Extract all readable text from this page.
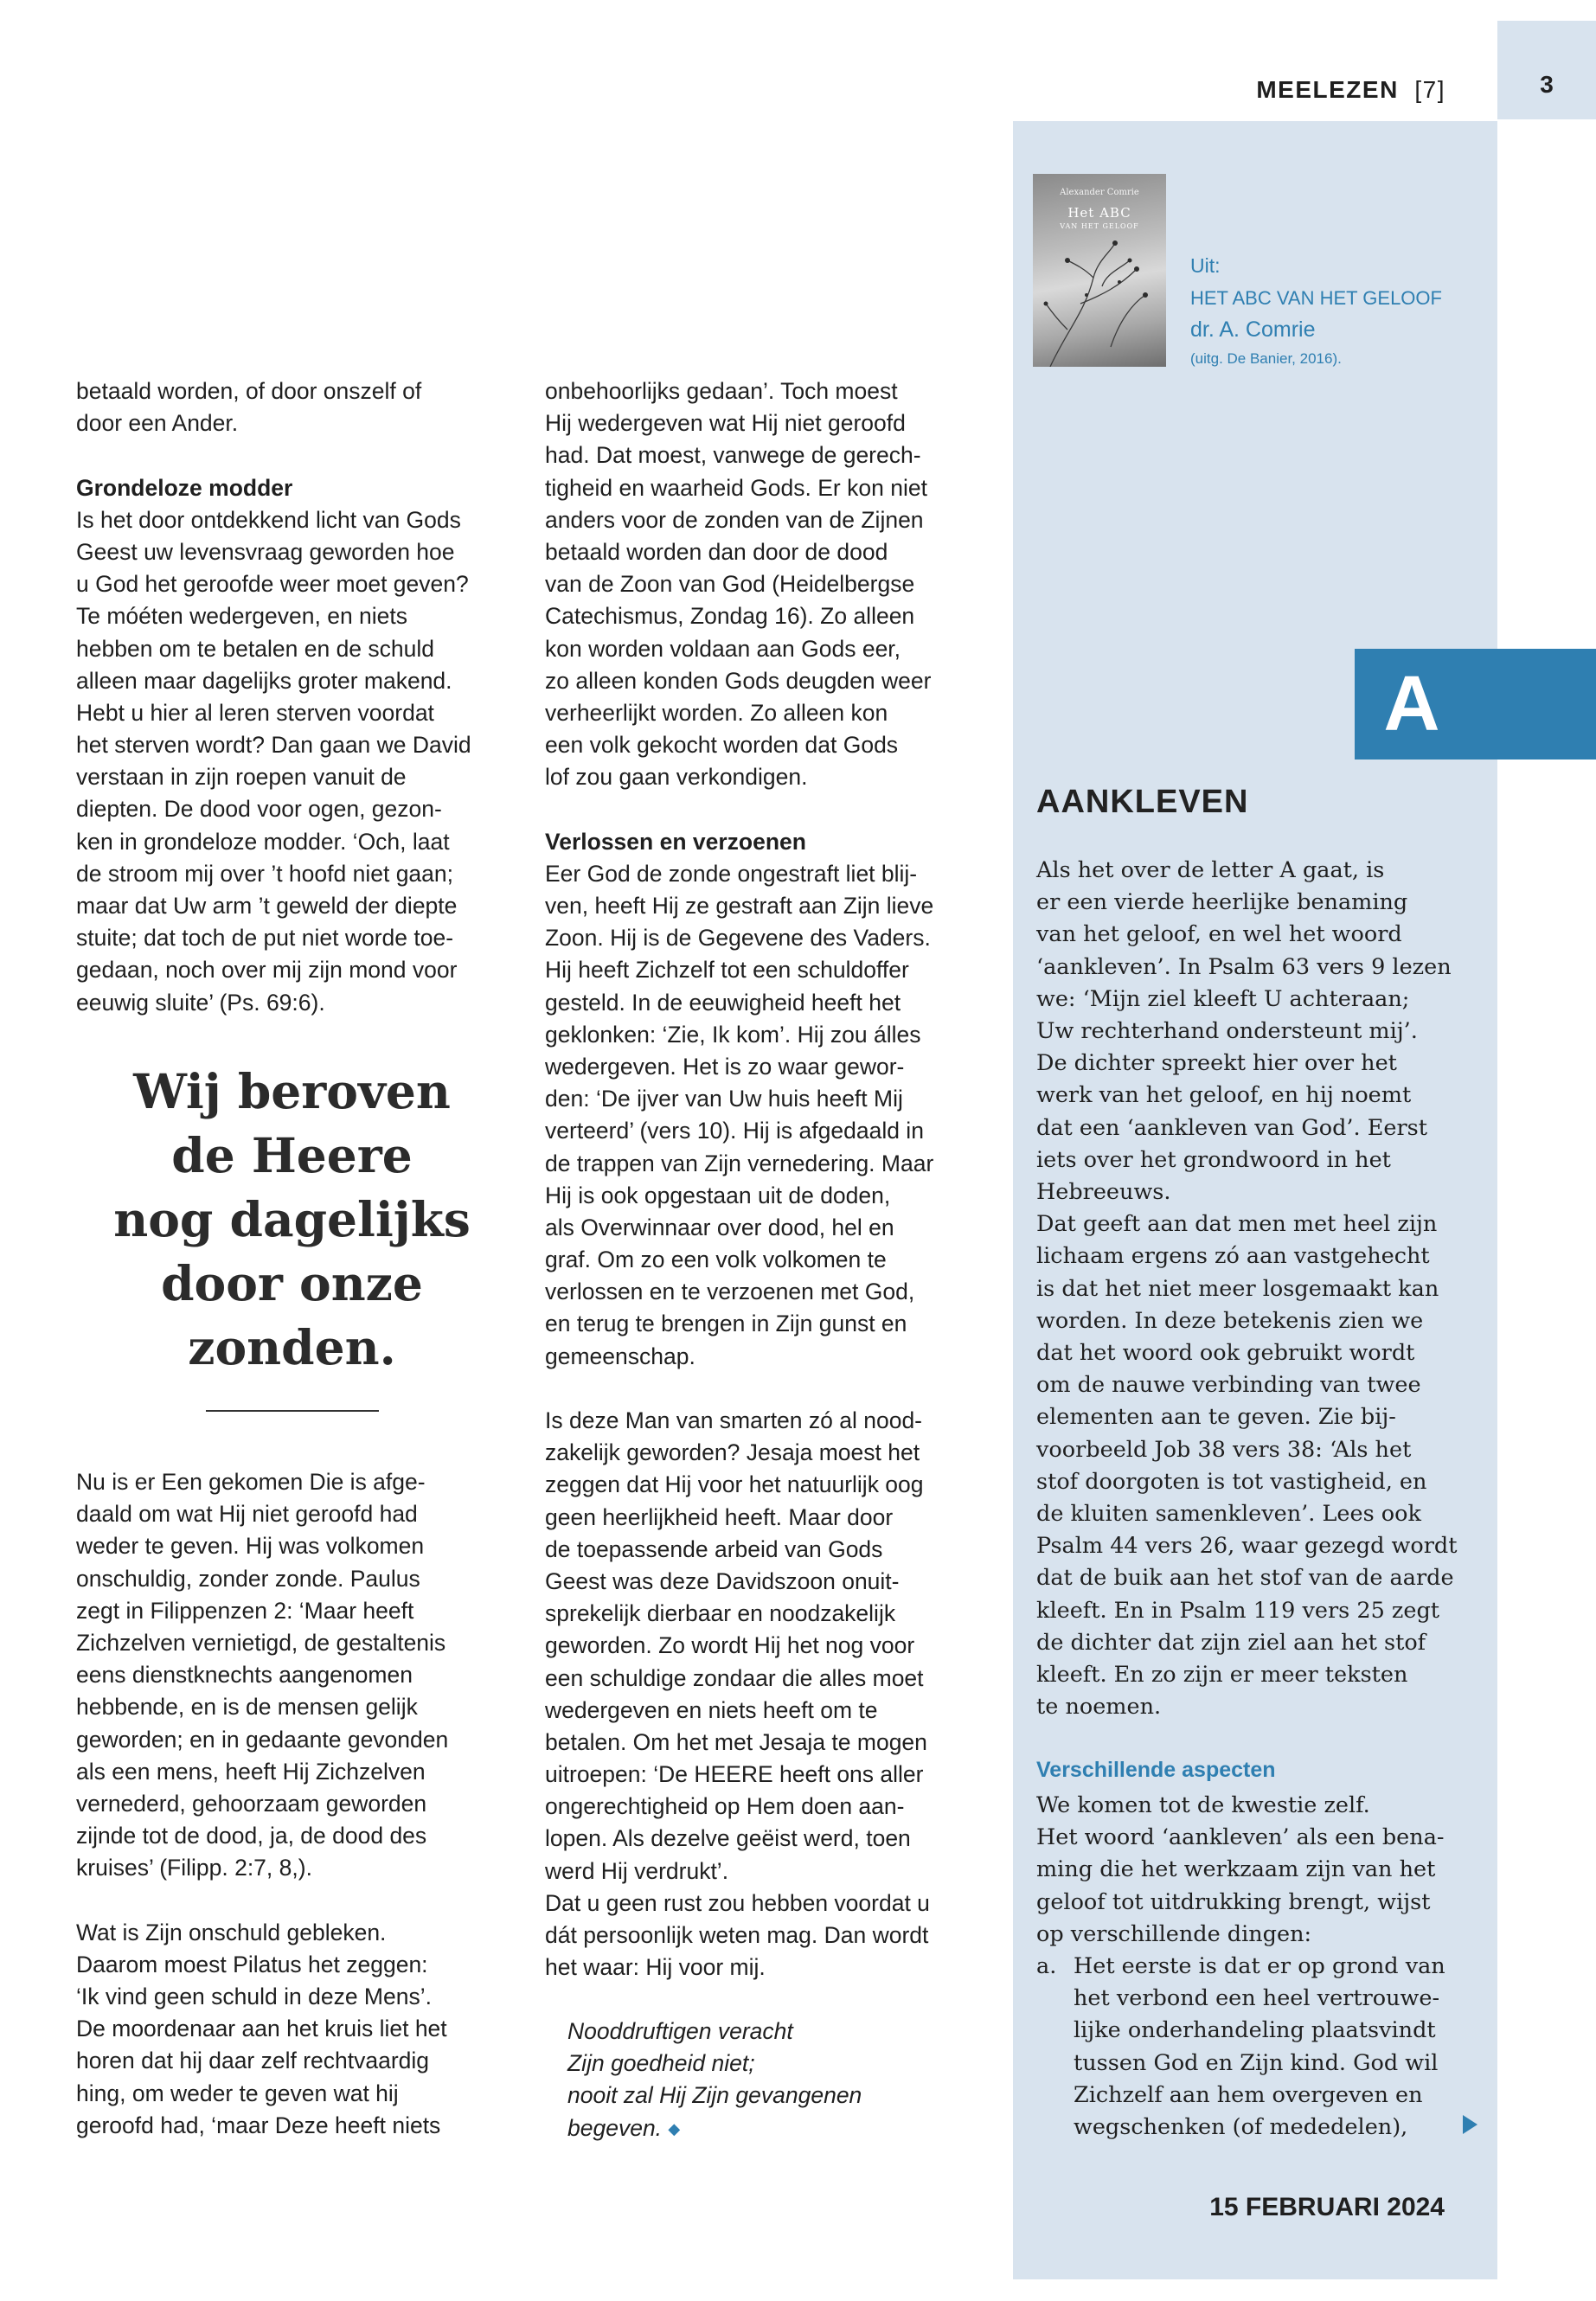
3
MEELEZEN [7]
Alexander Comrie
Het ABC
VAN HET GELOOF
Uit:
HET ABC VAN HET GELOOF
dr. A. Comrie
(uitg. De Banier, 2016).
A
AANKLEVEN

Als het over de letter A gaat, is

er een vierde heerlijke benaming

van het geloof, en wel het woord

‘aankleven’. In Psalm 63 vers 9 lezen

we: ‘Mijn ziel kleeft U achteraan;

Uw rechterhand ondersteunt mij’.

De dichter spreekt hier over het

werk van het geloof, en hij noemt

dat een ‘aankleven van God’. Eerst

iets over het grondwoord in het

Hebreeuws.

Dat geeft aan dat men met heel zijn

lichaam ergens zó aan vastgehecht

is dat het niet meer losgemaakt kan

worden. In deze betekenis zien we

dat het woord ook gebruikt wordt

om de nauwe verbinding van twee

elementen aan te geven. Zie bij-

voorbeeld Job 38 vers 38: ‘Als het

stof doorgoten is tot vastigheid, en

de kluiten samenkleven’. Lees ook

Psalm 44 vers 26, waar gezegd wordt

dat de buik aan het stof van de aarde

kleeft. En in Psalm 119 vers 25 zegt

de dichter dat zijn ziel aan het stof

kleeft. En zo zijn er meer teksten

te noemen.

Verschillende aspecten

We komen tot de kwestie zelf.

Het woord ‘aankleven’ als een bena-

ming die het werkzaam zijn van het

geloof tot uitdrukking brengt, wijst

op verschillende dingen:

a. Het eerste is dat er op grond van

het verbond een heel vertrouwe-

lijke onderhandeling plaatsvindt

tussen God en Zijn kind. God wil

Zichzelf aan hem overgeven en

wegschenken (of mededelen),

15 FEBRUARI 2024
betaald worden, of door onszelf of
door een Ander.
Grondeloze modder
Is het door ontdekkend licht van Gods
Geest uw levensvraag geworden hoe
u God het geroofde weer moet geven?
Te móéten wedergeven, en niets
hebben om te betalen en de schuld
alleen maar dagelijks groter makend.
Hebt u hier al leren sterven voordat
het sterven wordt? Dan gaan we David
verstaan in zijn roepen vanuit de
diepten. De dood voor ogen, gezon-
ken in grondeloze modder. ‘Och, laat
de stroom mij over ’t hoofd niet gaan;
maar dat Uw arm ’t geweld der diepte
stuite; dat toch de put niet worde toe-
gedaan, noch over mij zijn mond voor
eeuwig sluite’ (Ps. 69:6).

Wij beroven

de Heere

nog dagelijks

door onze

zonden.

Nu is er Een gekomen Die is afge-
daald om wat Hij niet geroofd had
weder te geven. Hij was volkomen
onschuldig, zonder zonde. Paulus
zegt in Filippenzen 2: ‘Maar heeft
Zichzelven vernietigd, de gestaltenis
eens dienstknechts aangenomen
hebbende, en is de mensen gelijk
geworden; en in gedaante gevonden
als een mens, heeft Hij Zichzelven
vernederd, gehoorzaam geworden
zijnde tot de dood, ja, de dood des
kruises’ (Filipp. 2:7, 8,).
Wat is Zijn onschuld gebleken.
Daarom moest Pilatus het zeggen:
‘Ik vind geen schuld in deze Mens’.
De moordenaar aan het kruis liet het
horen dat hij daar zelf rechtvaardig
hing, om weder te geven wat hij
geroofd had, ‘maar Deze heeft niets
onbehoorlijks gedaan’. Toch moest
Hij wedergeven wat Hij niet geroofd
had. Dat moest, vanwege de gerech-
tigheid en waarheid Gods. Er kon niet
anders voor de zonden van de Zijnen
betaald worden dan door de dood
van de Zoon van God (Heidelbergse
Catechismus, Zondag 16). Zo alleen
kon worden voldaan aan Gods eer,
zo alleen konden Gods deugden weer
verheerlijkt worden. Zo alleen kon
een volk gekocht worden dat Gods
lof zou gaan verkondigen.
Verlossen en verzoenen
Eer God de zonde ongestraft liet blij-
ven, heeft Hij ze gestraft aan Zijn lieve
Zoon. Hij is de Gegevene des Vaders.
Hij heeft Zichzelf tot een schuldoffer
gesteld. In de eeuwigheid heeft het
geklonken: ‘Zie, Ik kom’. Hij zou álles
wedergeven. Het is zo waar gewor-
den: ‘De ijver van Uw huis heeft Mij
verteerd’ (vers 10). Hij is afgedaald in
de trappen van Zijn vernedering. Maar
Hij is ook opgestaan uit de doden,
als Overwinnaar over dood, hel en
graf. Om zo een volk volkomen te
verlossen en te verzoenen met God,
en terug te brengen in Zijn gunst en
gemeenschap.
Is deze Man van smarten zó al nood-
zakelijk geworden? Jesaja moest het
zeggen dat Hij voor het natuurlijk oog
geen heerlijkheid heeft. Maar door
de toepassende arbeid van Gods
Geest was deze Davidszoon onuit-
sprekelijk dierbaar en noodzakelijk
geworden. Zo wordt Hij het nog voor
een schuldige zondaar die alles moet
wedergeven en niets heeft om te
betalen. Om het met Jesaja te mogen
uitroepen: ‘De HEERE heeft ons aller
ongerechtigheid op Hem doen aan-
lopen. Als dezelve geëist werd, toen
werd Hij verdrukt’.
Dat u geen rust zou hebben voordat u
dát persoonlijk weten mag. Dan wordt
het waar: Hij voor mij.
Nooddruftigen veracht
Zijn goedheid niet;
nooit zal Hij Zijn gevangenen
begeven. ◆
